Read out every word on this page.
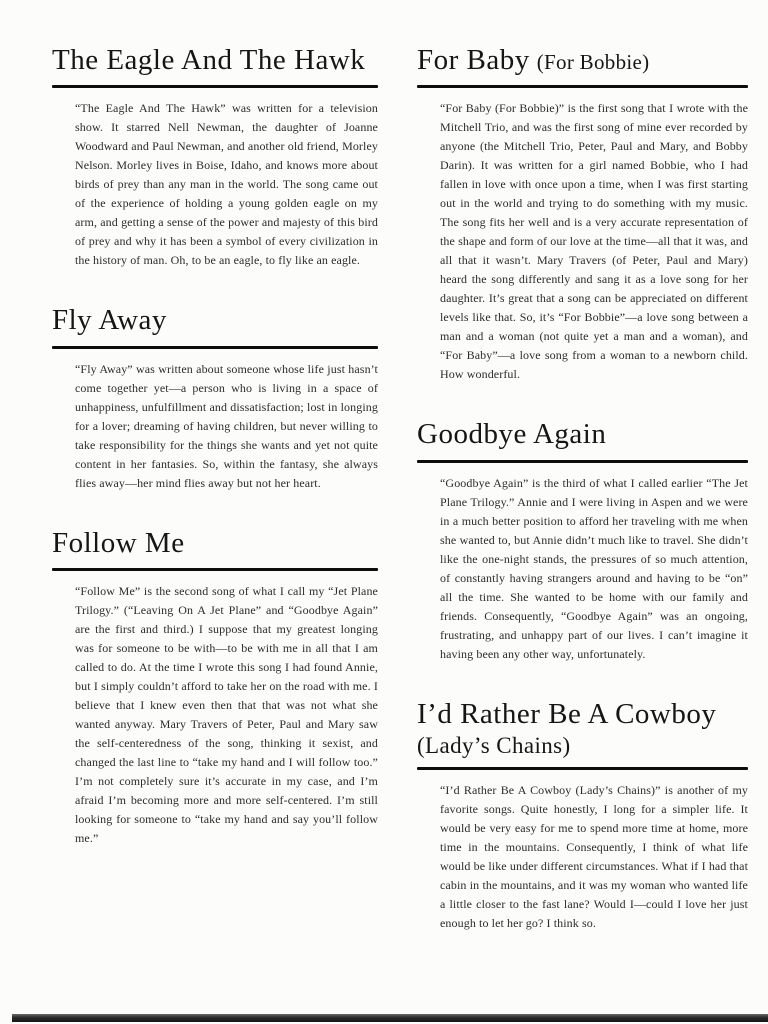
The Eagle And The Hawk

“The Eagle And The Hawk” was written for a television show. It starred Nell Newman, the daughter of Joanne Woodward and Paul Newman, and another old friend, Morley Nelson. Morley lives in Boise, Idaho, and knows more about birds of prey than any man in the world. The song came out of the experience of holding a young golden eagle on my arm, and getting a sense of the power and majesty of this bird of prey and why it has been a symbol of every civilization in the history of man. Oh, to be an eagle, to fly like an eagle.

Fly Away

“Fly Away” was written about someone whose life just hasn’t come together yet—a person who is living in a space of unhappiness, unfulfillment and dissatisfaction; lost in longing for a lover; dreaming of having children, but never willing to take responsibility for the things she wants and yet not quite content in her fantasies. So, within the fantasy, she always flies away—her mind flies away but not her heart.

Follow Me

“Follow Me” is the second song of what I call my “Jet Plane Trilogy.” (“Leaving On A Jet Plane” and “Goodbye Again” are the first and third.) I suppose that my greatest longing was for someone to be with—to be with me in all that I am called to do. At the time I wrote this song I had found Annie, but I simply couldn’t afford to take her on the road with me. I believe that I knew even then that that was not what she wanted anyway. Mary Travers of Peter, Paul and Mary saw the self-centeredness of the song, thinking it sexist, and changed the last line to “take my hand and I will follow too.” I’m not completely sure it’s accurate in my case, and I’m afraid I’m becoming more and more self-centered. I’m still looking for someone to “take my hand and say you’ll follow me.”

For Baby (For Bobbie)

“For Baby (For Bobbie)” is the first song that I wrote with the Mitchell Trio, and was the first song of mine ever recorded by anyone (the Mitchell Trio, Peter, Paul and Mary, and Bobby Darin). It was written for a girl named Bobbie, who I had fallen in love with once upon a time, when I was first starting out in the world and trying to do something with my music. The song fits her well and is a very accurate representation of the shape and form of our love at the time—all that it was, and all that it wasn’t. Mary Travers (of Peter, Paul and Mary) heard the song differently and sang it as a love song for her daughter. It’s great that a song can be appreciated on different levels like that. So, it’s “For Bobbie”—a love song between a man and a woman (not quite yet a man and a woman), and “For Baby”—a love song from a woman to a newborn child. How wonderful.

Goodbye Again

“Goodbye Again” is the third of what I called earlier “The Jet Plane Trilogy.” Annie and I were living in Aspen and we were in a much better position to afford her traveling with me when she wanted to, but Annie didn’t much like to travel. She didn’t like the one-night stands, the pressures of so much attention, of constantly having strangers around and having to be “on” all the time. She wanted to be home with our family and friends. Consequently, “Goodbye Again” was an ongoing, frustrating, and unhappy part of our lives. I can’t imagine it having been any other way, unfortunately.

I’d Rather Be A Cowboy
(Lady’s Chains)

“I’d Rather Be A Cowboy (Lady’s Chains)” is another of my favorite songs. Quite honestly, I long for a simpler life. It would be very easy for me to spend more time at home, more time in the mountains. Consequently, I think of what life would be like under different circumstances. What if I had that cabin in the mountains, and it was my woman who wanted life a little closer to the fast lane? Would I—could I love her just enough to let her go? I think so.
